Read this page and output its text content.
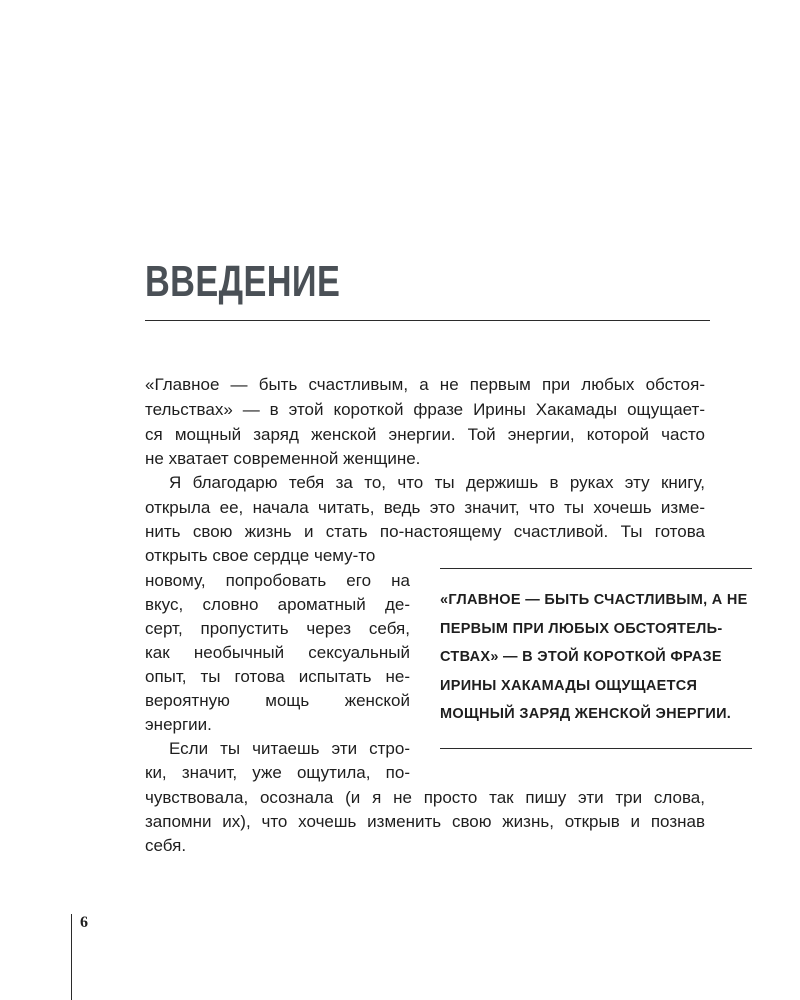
ВВЕДЕНИЕ

«Главное — быть счастливым, а не первым при любых обстоя-

тельствах» — в этой короткой фразе Ирины Хакамады ощущает-

ся мощный заряд женской энергии. Той энергии, которой часто

не хватает современной женщине.

Я благодарю тебя за то, что ты держишь в руках эту книгу,

открыла ее, начала читать, ведь это значит, что ты хочешь изме-

нить свою жизнь и стать по-настоящему счастливой. Ты готова

открыть свое сердце чему-то

новому, попробовать его на

вкус, словно ароматный де-

серт, пропустить через себя,

как необычный сексуальный

опыт, ты готова испытать не-

вероятную мощь женской

энергии.

Если ты читаешь эти стро-

ки, значит, уже ощутила, по-

чувствовала, осознала (и я не просто так пишу эти три слова,

запомни их), что хочешь изменить свою жизнь, открыв и познав

себя.

«ГЛАВНОЕ — БЫТЬ СЧАСТЛИВЫМ, А НЕ

ПЕРВЫМ ПРИ ЛЮБЫХ ОБСТОЯТЕЛЬ-

СТВАХ» — В ЭТОЙ КОРОТКОЙ ФРАЗЕ

ИРИНЫ ХАКАМАДЫ ОЩУЩАЕТСЯ

МОЩНЫЙ ЗАРЯД ЖЕНСКОЙ ЭНЕРГИИ.

6
